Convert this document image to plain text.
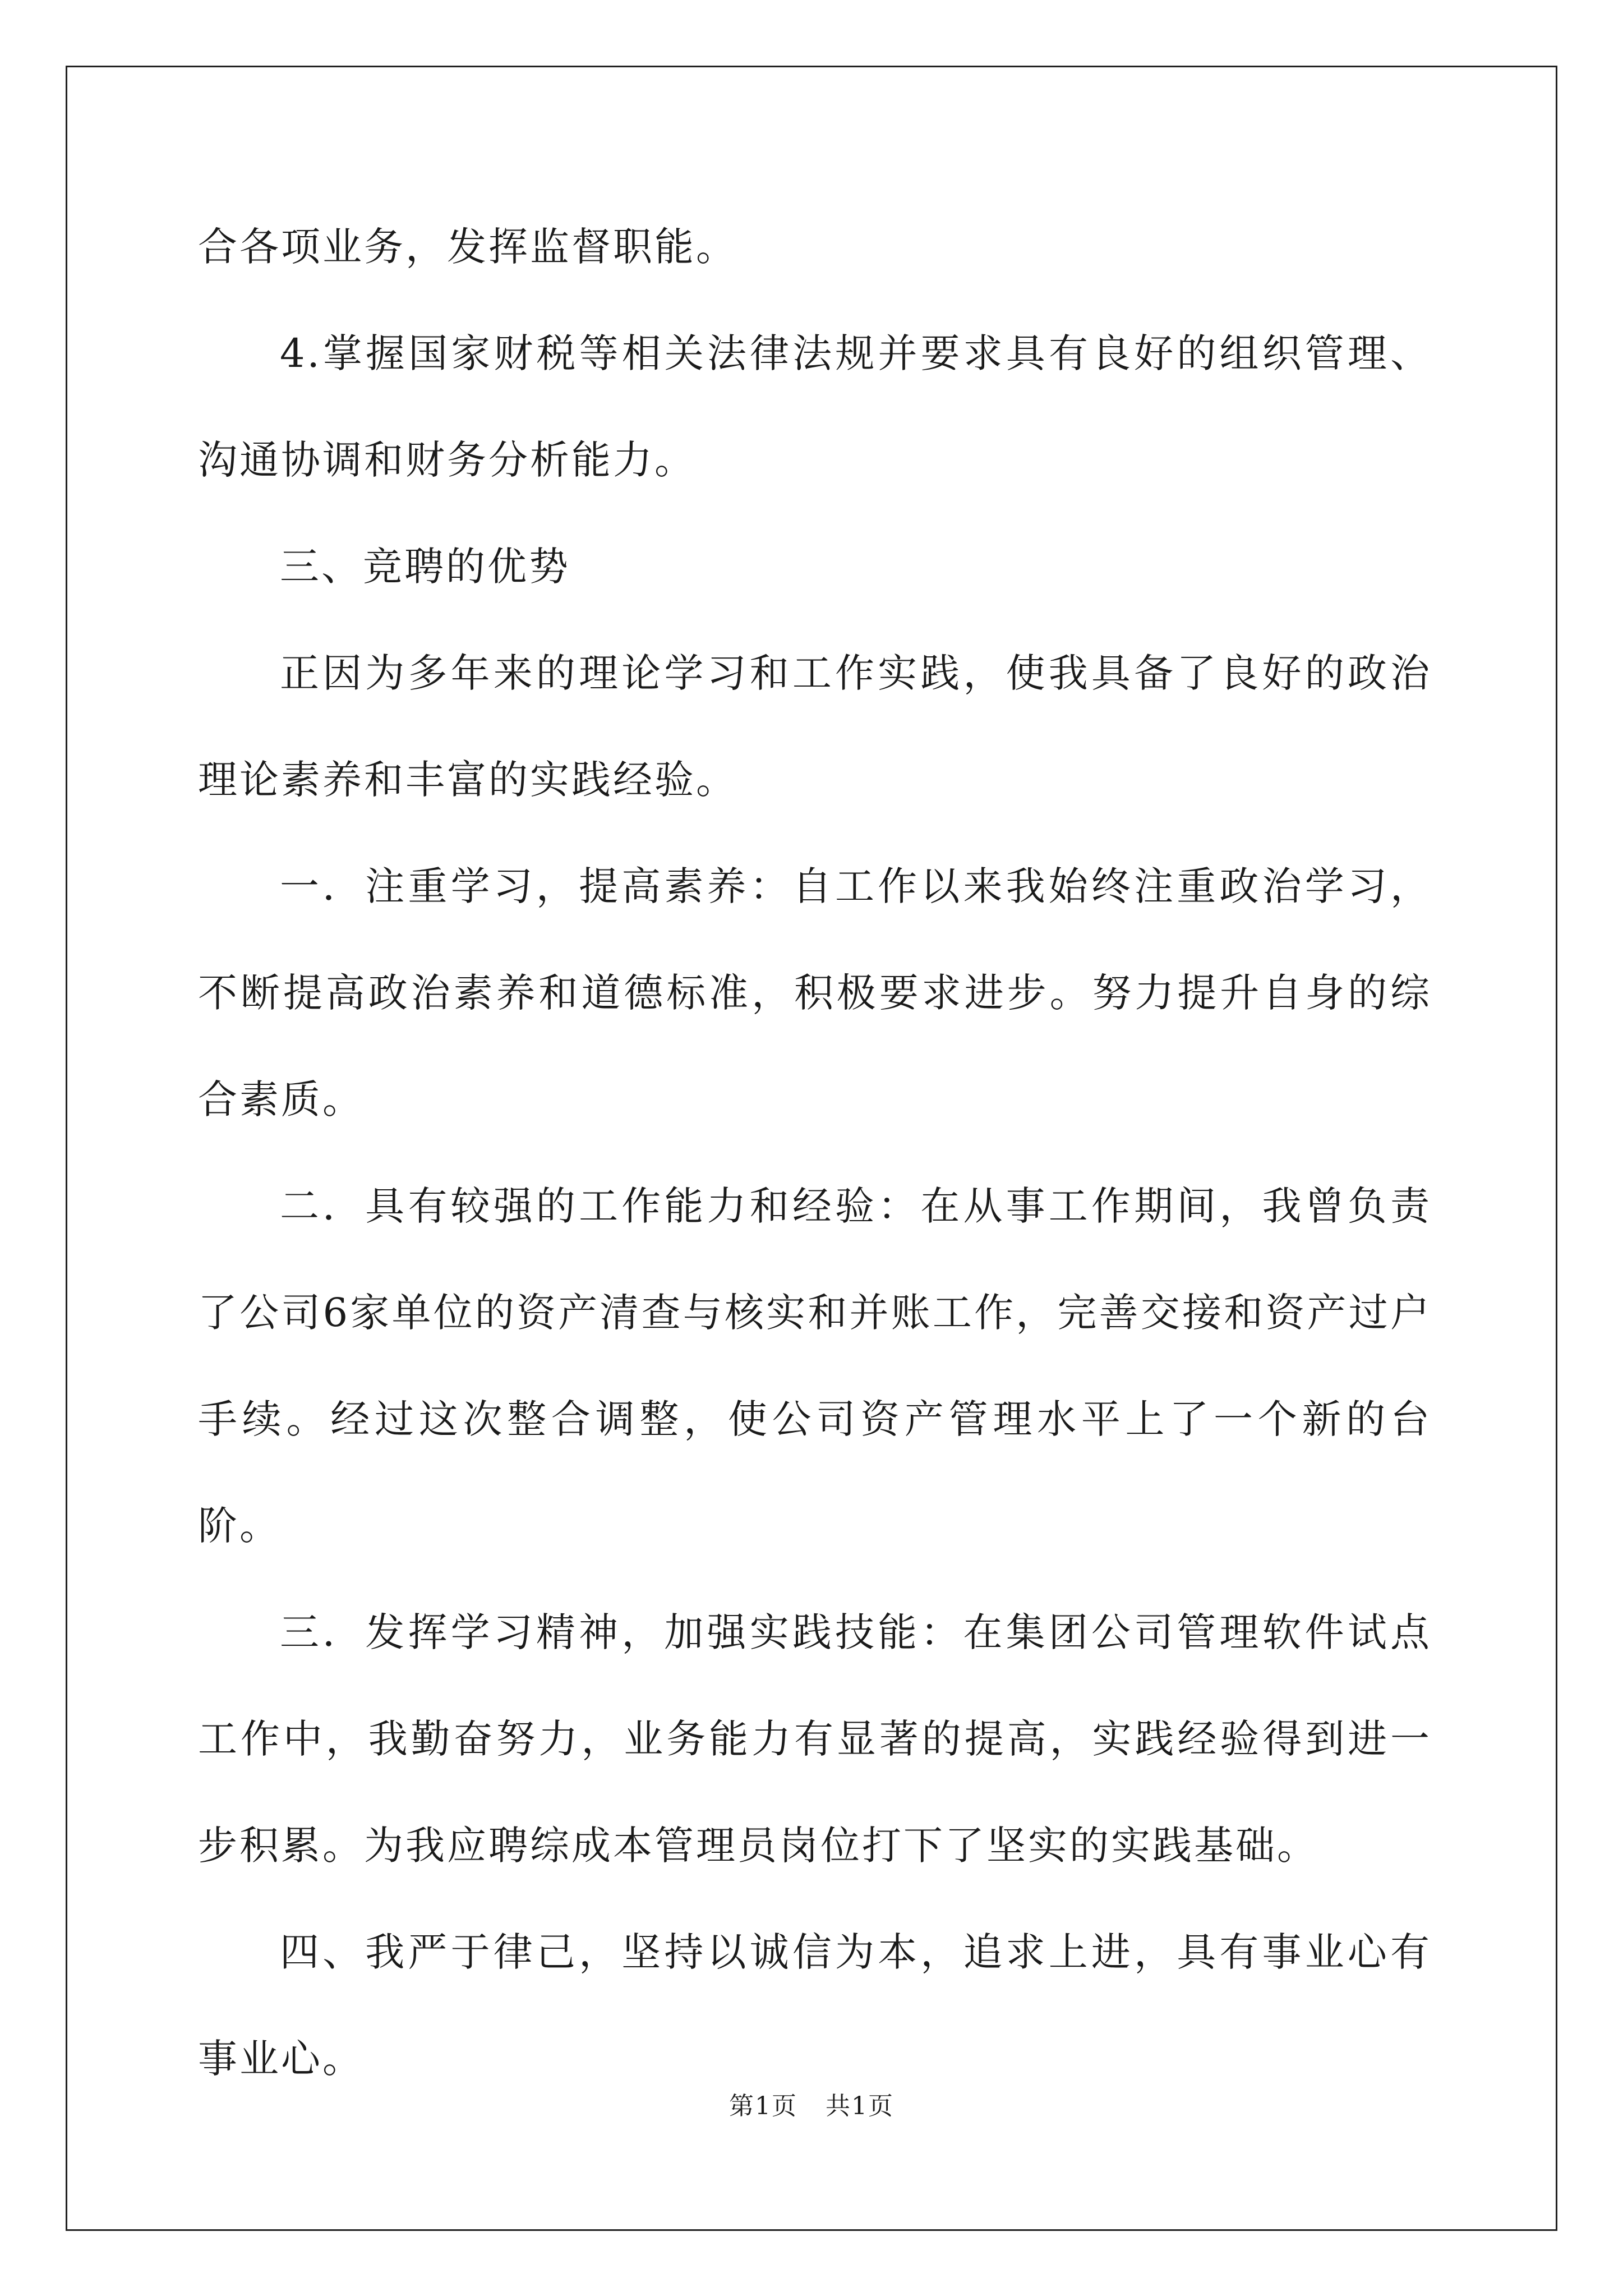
合各项业务，发挥监督职能。

4.掌握国家财税等相关法律法规并要求具有良好的组织管理、沟通协调和财务分析能力。

三、竞聘的优势

正因为多年来的理论学习和工作实践，使我具备了良好的政治理论素养和丰富的实践经验。

一．注重学习，提高素养：自工作以来我始终注重政治学习，不断提高政治素养和道德标准，积极要求进步。努力提升自身的综合素质。

二．具有较强的工作能力和经验：在从事工作期间，我曾负责了公司6家单位的资产清查与核实和并账工作，完善交接和资产过户手续。经过这次整合调整，使公司资产管理水平上了一个新的台阶。

三．发挥学习精神，加强实践技能：在集团公司管理软件试点工作中，我勤奋努力，业务能力有显著的提高，实践经验得到进一步积累。为我应聘综成本管理员岗位打下了坚实的实践基础。

四、我严于律己，坚持以诚信为本，追求上进，具有事业心有事业心。

第1页 共1页
